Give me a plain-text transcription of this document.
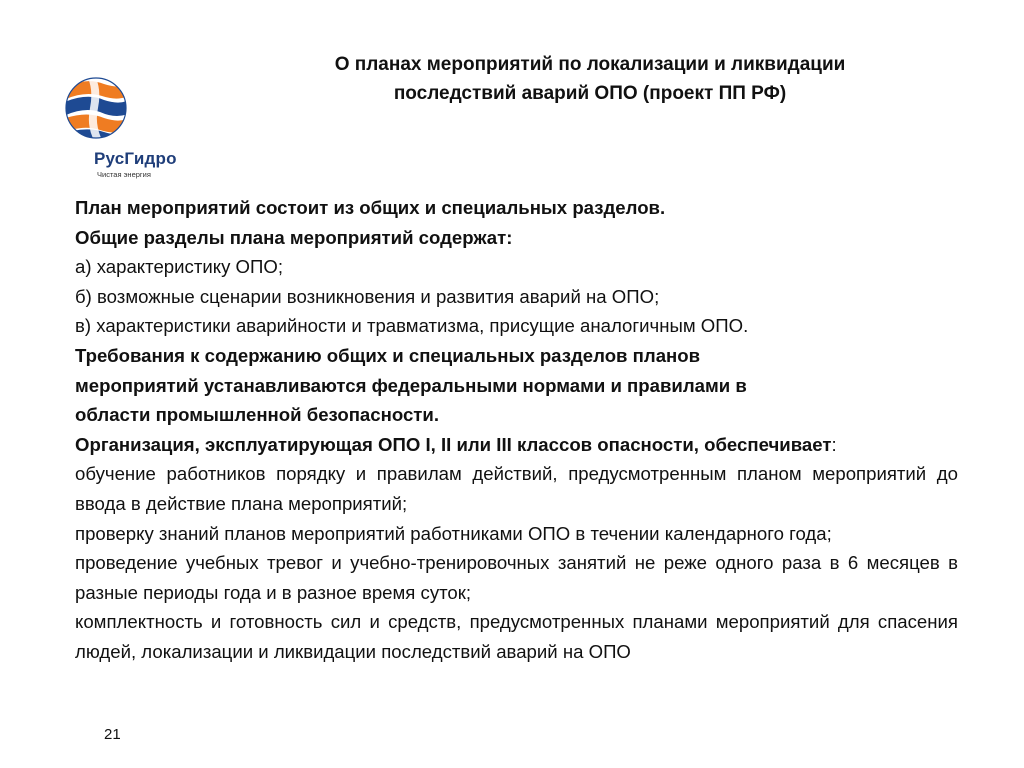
РусГидро
Чистая энергия
О планах мероприятий по локализации и ликвидации
последствий аварий ОПО (проект ПП РФ)

План мероприятий состоит из общих и специальных разделов.

Общие разделы плана мероприятий содержат:

а) характеристику ОПО;

б) возможные сценарии возникновения и развития аварий на ОПО;

в) характеристики аварийности и травматизма, присущие аналогичным ОПО.

Требования к содержанию общих и специальных разделов планов

мероприятий устанавливаются федеральными нормами и правилами в

области промышленной безопасности.

Организация, эксплуатирующая ОПО I, II или III классов опасности, обеспечивает:

обучение работников порядку и правилам действий, предусмотренным планом мероприятий до ввода в действие плана мероприятий;

проверку знаний планов мероприятий работниками ОПО в течении календарного года;

проведение учебных тревог и учебно-тренировочных занятий не реже одного раза в 6 месяцев в разные периоды года и в разное время суток;

комплектность и готовность сил и средств, предусмотренных планами мероприятий для спасения людей, локализации и ликвидации последствий аварий на ОПО

21
